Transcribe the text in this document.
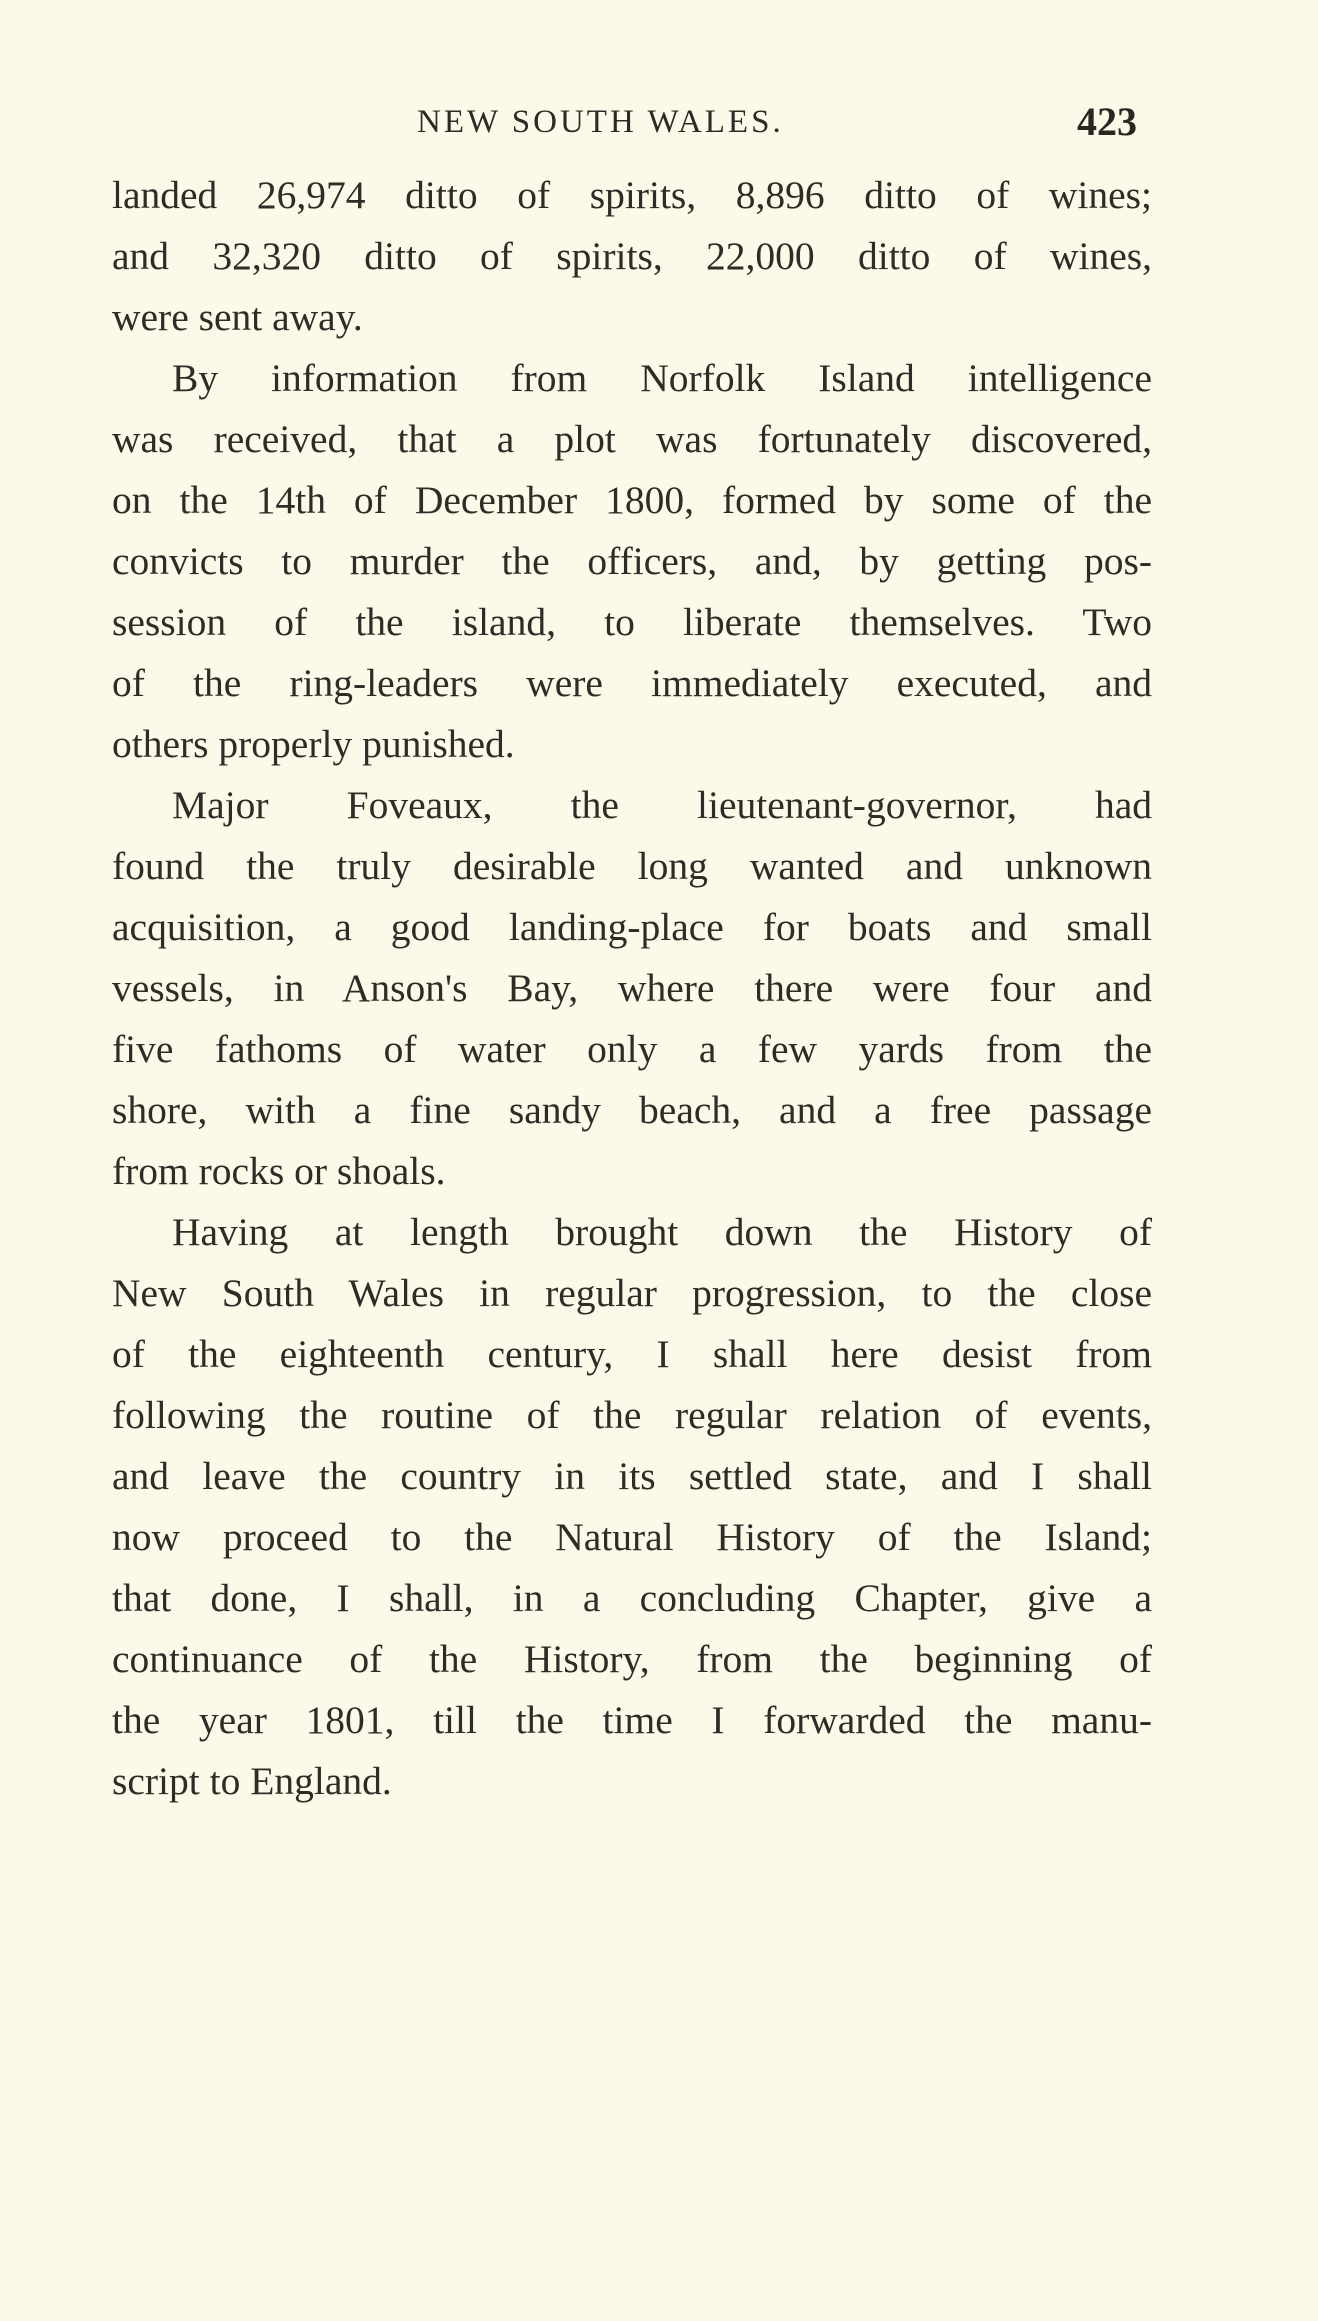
NEW SOUTH WALES.	423
landed 26,974 ditto of spirits, 8,896 ditto of wines;
and 32,320 ditto of spirits, 22,000 ditto of wines,
were sent away.
By information from Norfolk Island intelligence
was received, that a plot was fortunately discovered,
on the 14th of December 1800, formed by some of the
convicts to murder the officers, and, by getting pos-
session of the island, to liberate themselves. Two
of the ring-leaders were immediately executed, and
others properly punished.
Major Foveaux, the lieutenant-governor, had
found the truly desirable long wanted and unknown
acquisition, a good landing-place for boats and small
vessels, in Anson's Bay, where there were four and
five fathoms of water only a few yards from the
shore, with a fine sandy beach, and a free passage
from rocks or shoals.
Having at length brought down the History of
New South Wales in regular progression, to the close
of the eighteenth century, I shall here desist from
following the routine of the regular relation of events,
and leave the country in its settled state, and I shall
now proceed to the Natural History of the Island;
that done, I shall, in a concluding Chapter, give a
continuance of the History, from the beginning of
the year 1801, till the time I forwarded the manu-
script to England.
